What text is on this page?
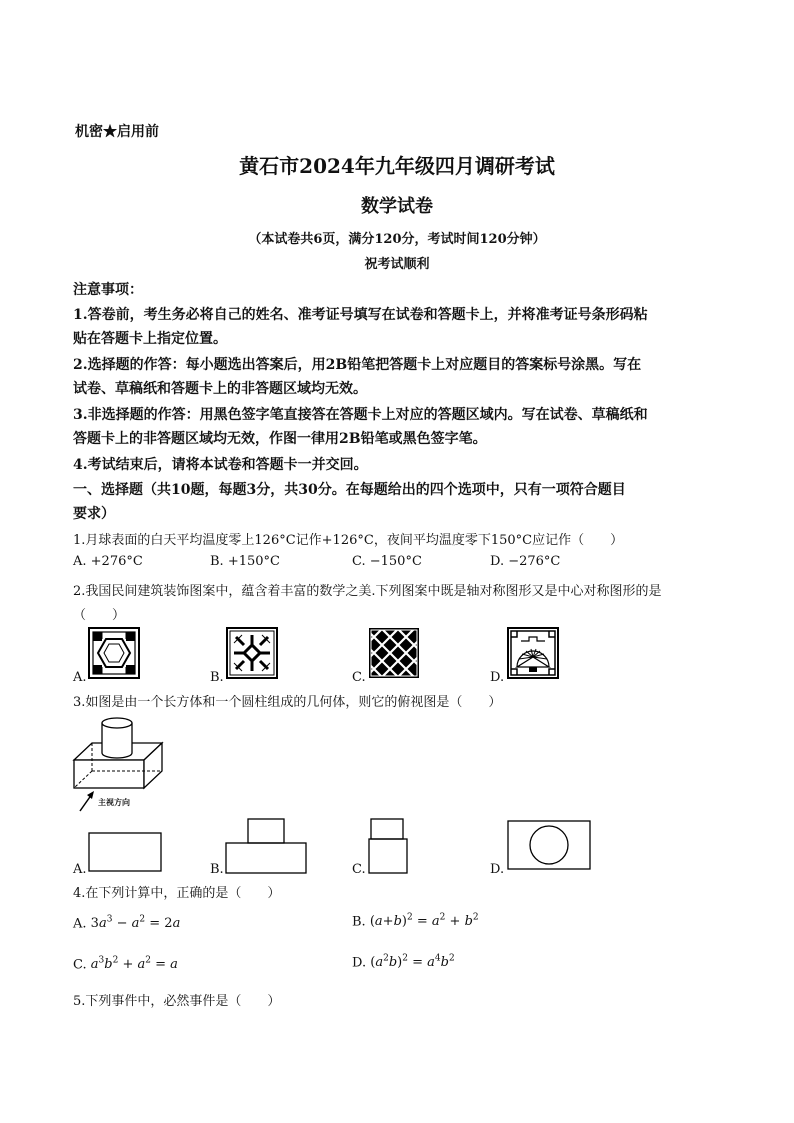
机密★启用前
黄石市2024年九年级四月调研考试
数学试卷
（本试卷共6页，满分120分，考试时间120分钟）
祝考试顺利
注意事项：
1.答卷前，考生务必将自己的姓名、准考证号填写在试卷和答题卡上，并将准考证号条形码粘
贴在答题卡上指定位置。
2.选择题的作答：每小题选出答案后，用2B铅笔把答题卡上对应题目的答案标号涂黑。写在
试卷、草稿纸和答题卡上的非答题区域均无效。
3.非选择题的作答：用黑色签字笔直接答在答题卡上对应的答题区域内。写在试卷、草稿纸和
答题卡上的非答题区域均无效，作图一律用2B铅笔或黑色签字笔。
4.考试结束后，请将本试卷和答题卡一并交回。
一、选择题（共10题，每题3分，共30分。在每题给出的四个选项中，只有一项符合题目
要求）
1.月球表面的白天平均温度零上126°C记作+126°C，夜间平均温度零下150°C应记作（　　）
A. +276°C	B. +150°C	C. −150°C	D. −276°C
2.我国民间建筑装饰图案中，蕴含着丰富的数学之美.下列图案中既是轴对称图形又是中心对称图形的是
（　　）
A.	B.	C.	D.
3.如图是由一个长方体和一个圆柱组成的几何体，则它的俯视图是（　　）
主视方向
A.	B.	C.	D.
4.在下列计算中，正确的是（　　）
A. $3a^3 - a^2 = 2a$	B. $(a+b)^2 = a^2 + b^2$
C. $a^3b^2 + a^2 = a$	D. $(a^2b)^2 = a^4b^2$
5.下列事件中，必然事件是（　　）
